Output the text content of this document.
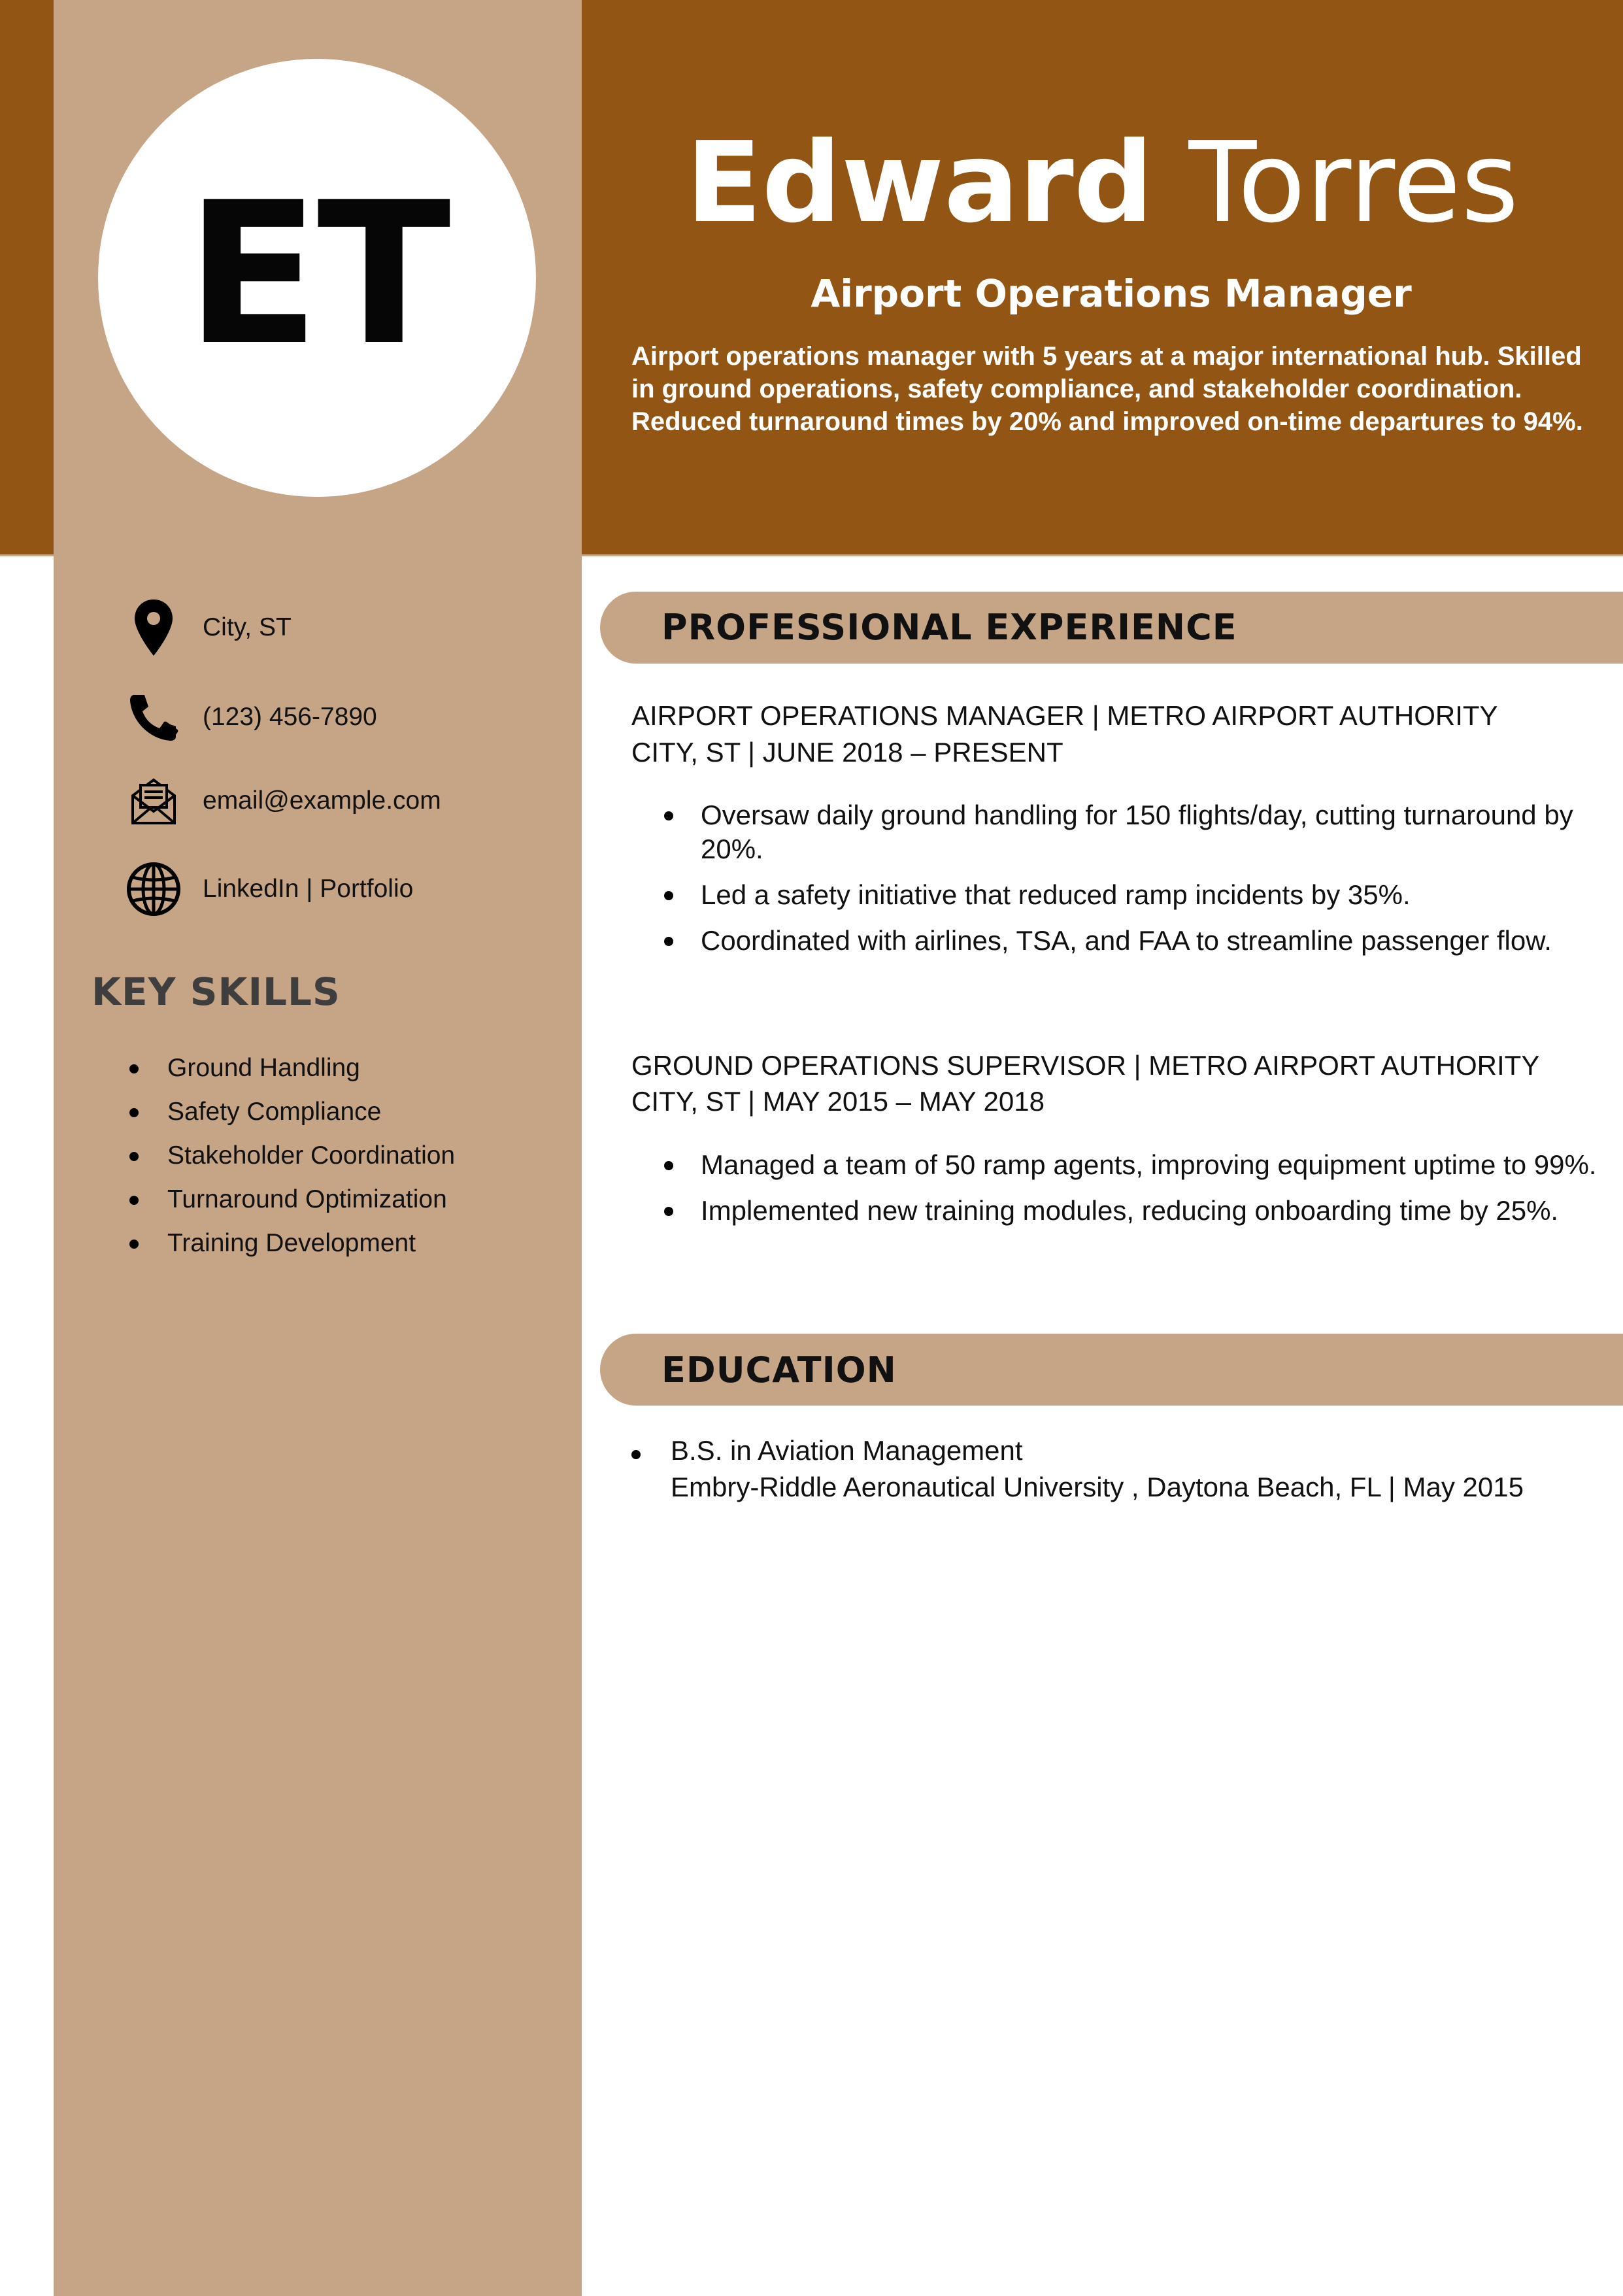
ET	Edward Torres
Airport Operations Manager
Airport operations manager with 5 years at a major international hub. Skilled in ground operations, safety compliance, and stakeholder coordination. Reduced turnaround times by 20% and improved on-time departures to 94%.
City, ST
(123) 456-7890
email@example.com
LinkedIn | Portfolio
KEY SKILLS
Ground Handling
Safety Compliance
Stakeholder Coordination
Turnaround Optimization
Training Development
PROFESSIONAL EXPERIENCE
AIRPORT OPERATIONS MANAGER | METRO AIRPORT AUTHORITY
CITY, ST | JUNE 2018 – PRESENT
Oversaw daily ground handling for 150 flights/day, cutting turnaround by 20%.
Led a safety initiative that reduced ramp incidents by 35%.
Coordinated with airlines, TSA, and FAA to streamline passenger flow.
GROUND OPERATIONS SUPERVISOR | METRO AIRPORT AUTHORITY
CITY, ST | MAY 2015 – MAY 2018
Managed a team of 50 ramp agents, improving equipment uptime to 99%.
Implemented new training modules, reducing onboarding time by 25%.
EDUCATION
B.S. in Aviation Management
Embry-Riddle Aeronautical University , Daytona Beach, FL | May 2015
